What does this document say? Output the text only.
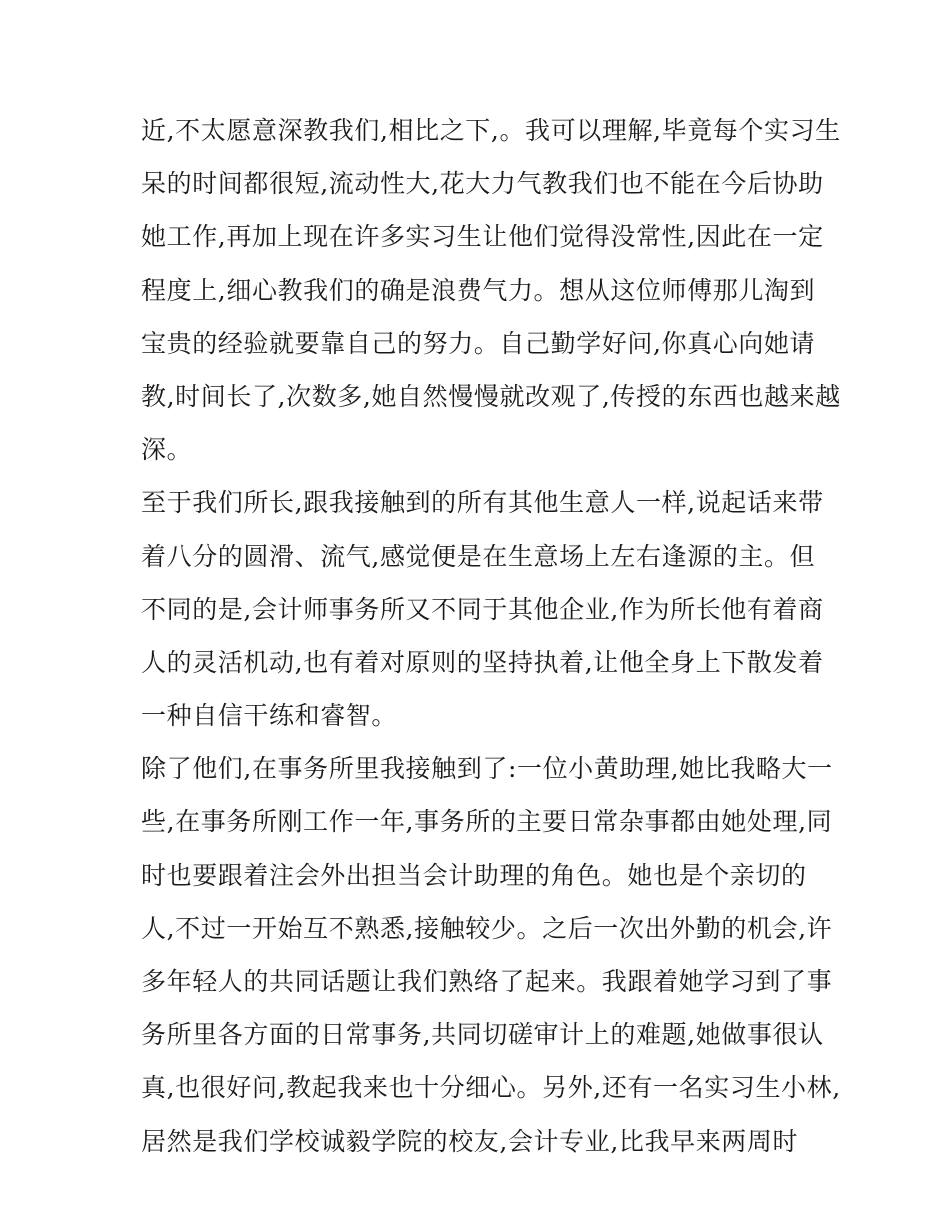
近,不太愿意深教我们,相比之下,。我可以理解,毕竟每个实习生
呆的时间都很短,流动性大,花大力气教我们也不能在今后协助
她工作,再加上现在许多实习生让他们觉得没常性,因此在一定
程度上,细心教我们的确是浪费气力。想从这位师傅那儿淘到
宝贵的经验就要靠自己的努力。自己勤学好问,你真心向她请
教,时间长了,次数多,她自然慢慢就改观了,传授的东西也越来越
深。
至于我们所长,跟我接触到的所有其他生意人一样,说起话来带
着八分的圆滑、流气,感觉便是在生意场上左右逢源的主。但
不同的是,会计师事务所又不同于其他企业,作为所长他有着商
人的灵活机动,也有着对原则的坚持执着,让他全身上下散发着
一种自信干练和睿智。
除了他们,在事务所里我接触到了:一位小黄助理,她比我略大一
些,在事务所刚工作一年,事务所的主要日常杂事都由她处理,同
时也要跟着注会外出担当会计助理的角色。她也是个亲切的
人,不过一开始互不熟悉,接触较少。之后一次出外勤的机会,许
多年轻人的共同话题让我们熟络了起来。我跟着她学习到了事
务所里各方面的日常事务,共同切磋审计上的难题,她做事很认
真,也很好问,教起我来也十分细心。另外,还有一名实习生小林,
居然是我们学校诚毅学院的校友,会计专业,比我早来两周时
